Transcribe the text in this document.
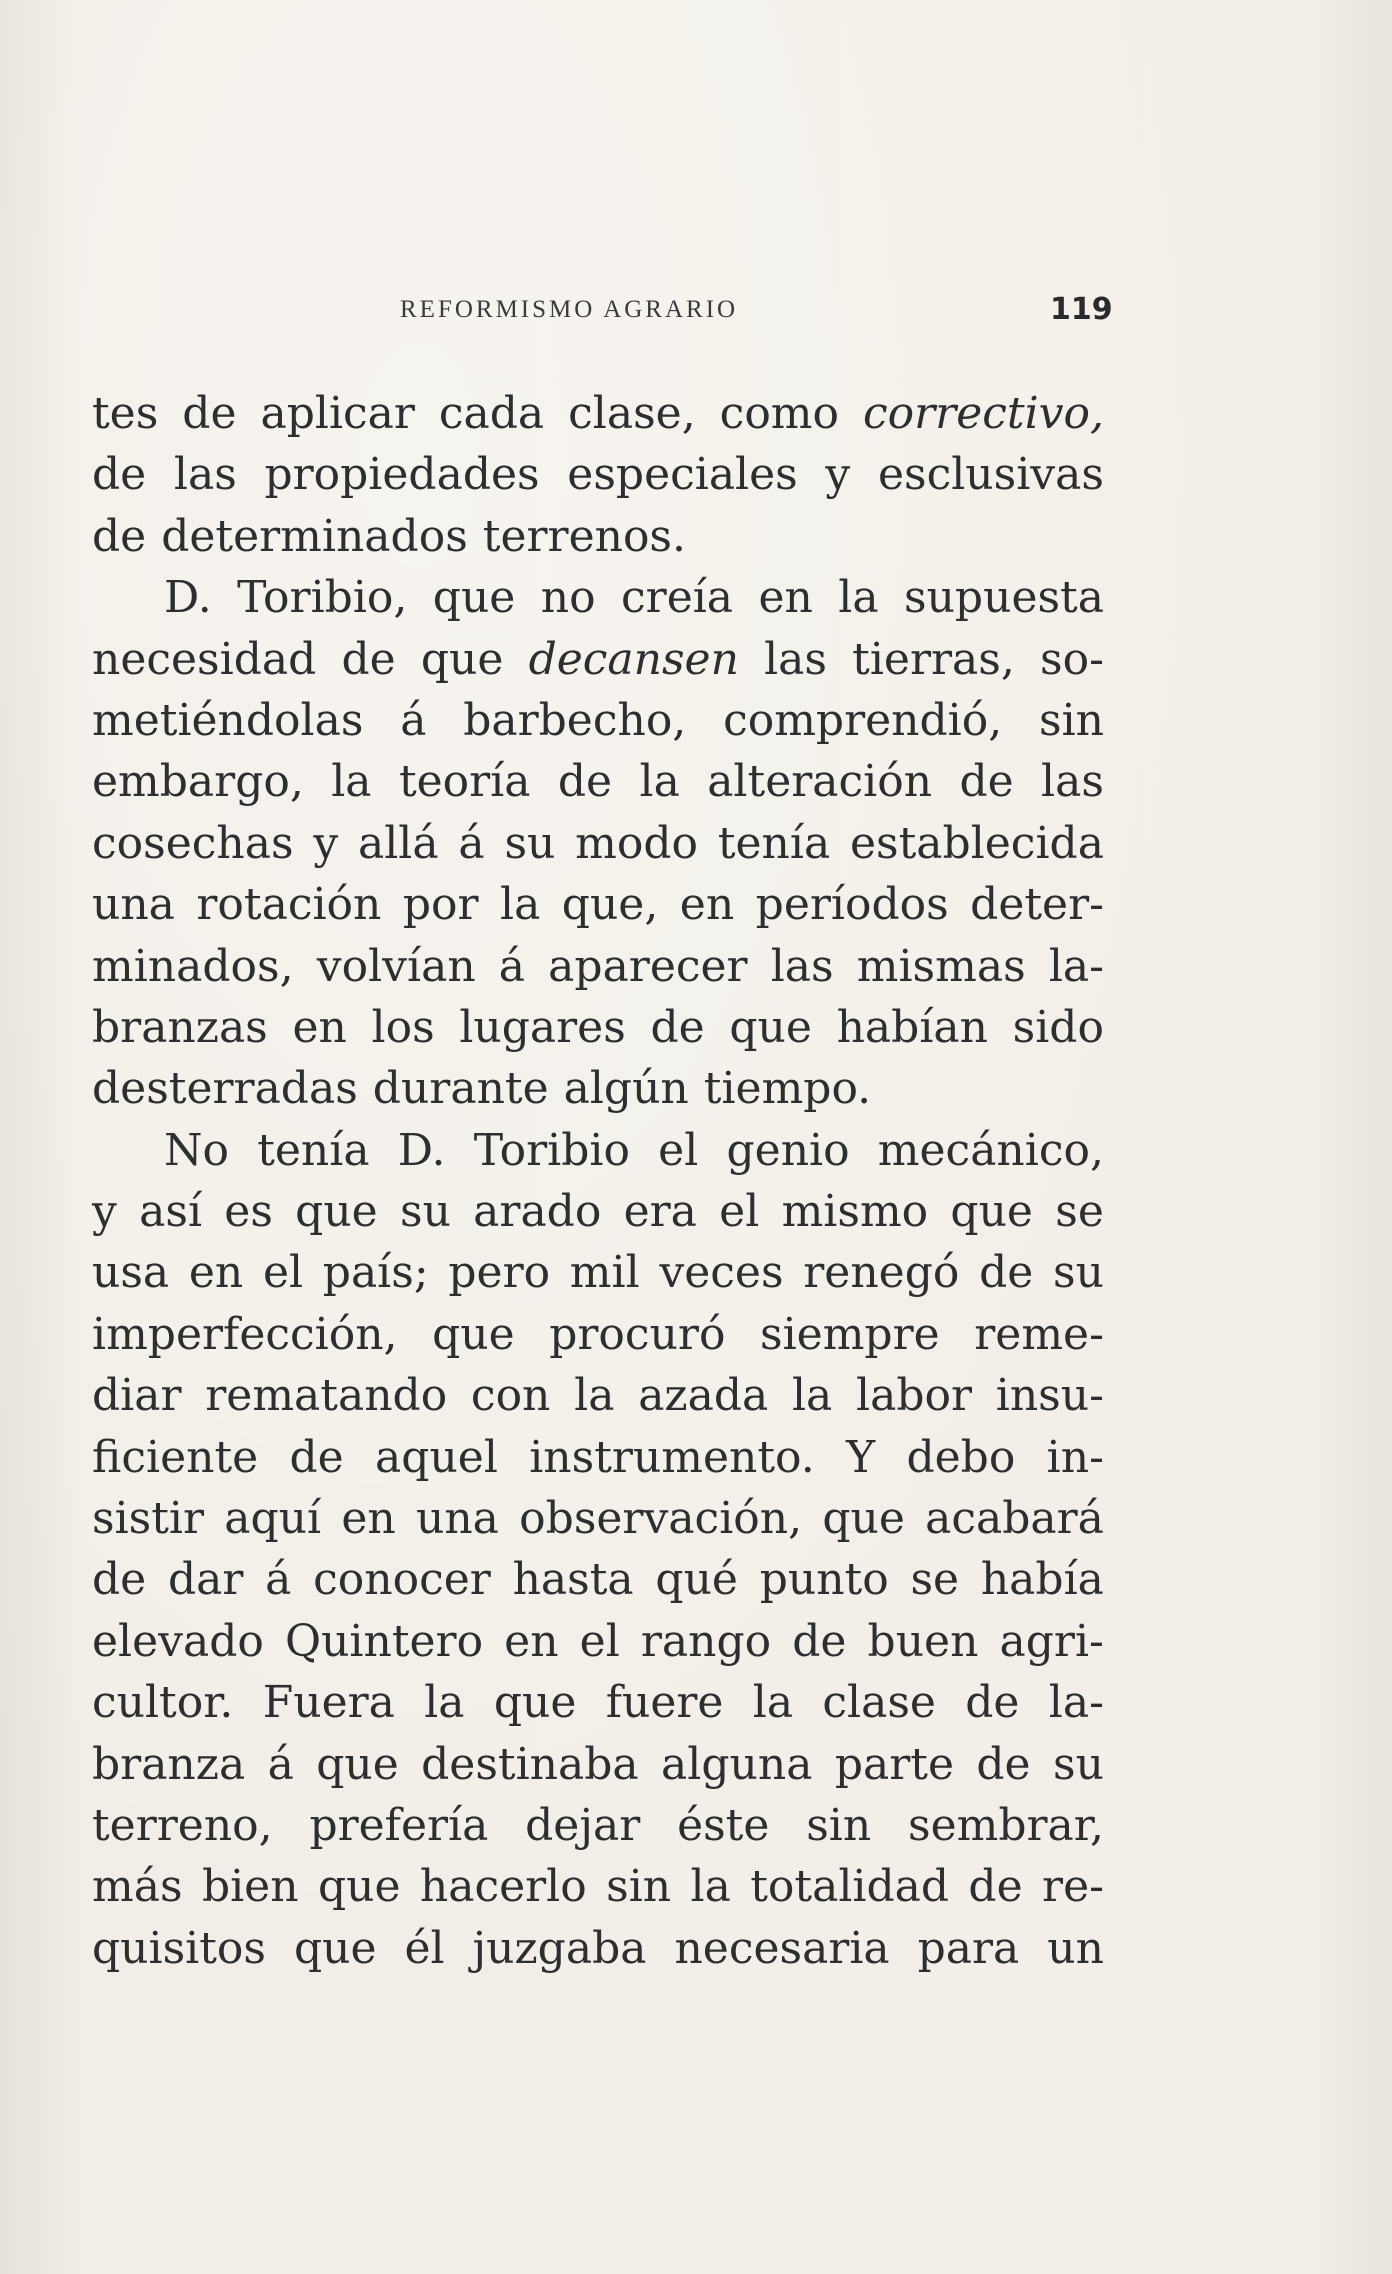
REFORMISMO AGRARIO	119
tes de aplicar cada clase, como correctivo,
de las propiedades especiales y esclusivas
de determinados terrenos.
D. Toribio, que no creía en la supuesta
necesidad de que decansen las tierras, so-
metiéndolas á barbecho, comprendió, sin
embargo, la teoría de la alteración de las
cosechas y allá á su modo tenía establecida
una rotación por la que, en períodos deter-
minados, volvían á aparecer las mismas la-
branzas en los lugares de que habían sido
desterradas durante algún tiempo.
No tenía D. Toribio el genio mecánico,
y así es que su arado era el mismo que se
usa en el país; pero mil veces renegó de su
imperfección, que procuró siempre reme-
diar rematando con la azada la labor insu-
ficiente de aquel instrumento. Y debo in-
sistir aquí en una observación, que acabará
de dar á conocer hasta qué punto se había
elevado Quintero en el rango de buen agri-
cultor. Fuera la que fuere la clase de la-
branza á que destinaba alguna parte de su
terreno, prefería dejar éste sin sembrar,
más bien que hacerlo sin la totalidad de re-
quisitos que él juzgaba necesaria para un
